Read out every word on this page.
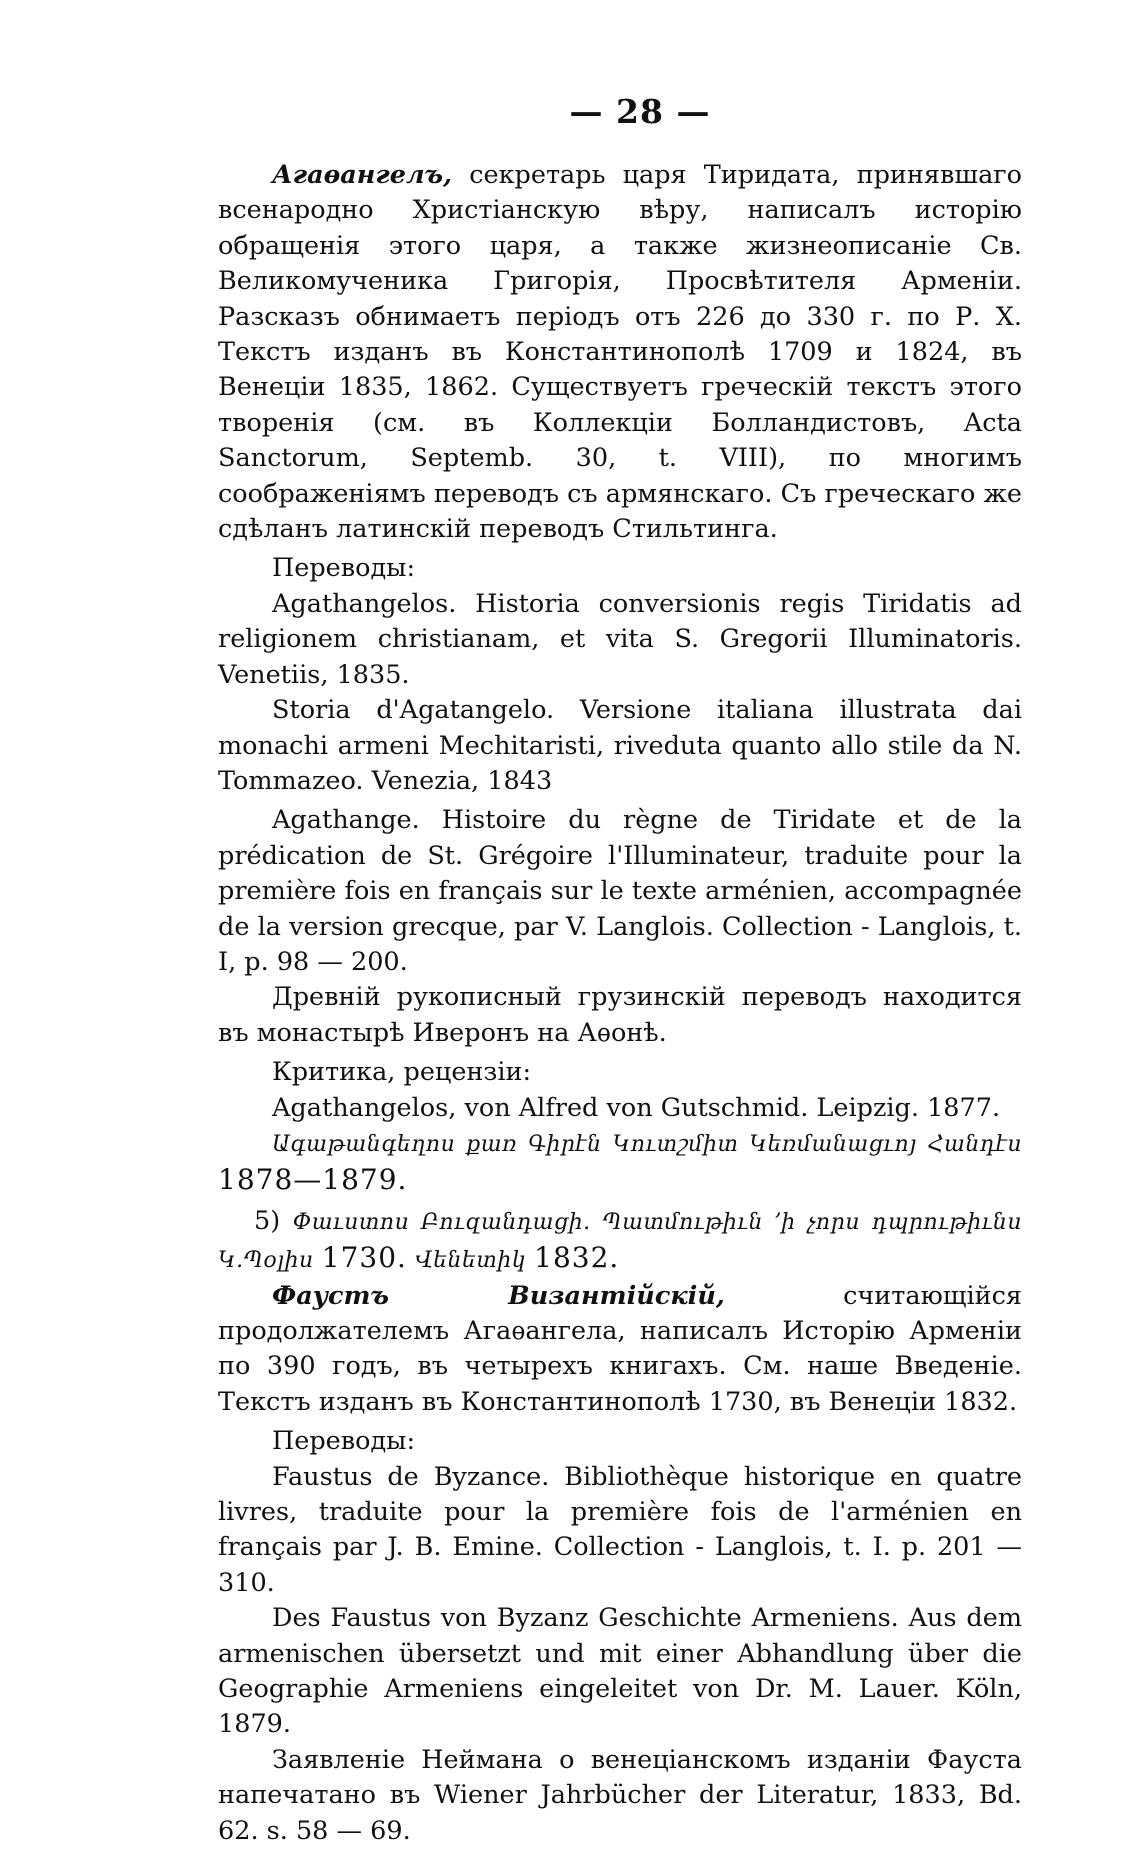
— 28 —

Агаѳангелъ, секретарь царя Тиридата, принявшаго всенародно Христіанскую вѣру, написалъ исторію обращенія этого царя, а также жизнеописаніе Св. Великомученика Григорія, Просвѣтителя Арменіи. Разсказъ обнимаетъ періодъ отъ 226 до 330 г. по Р. Х. Текстъ изданъ въ Константинополѣ 1709 и 1824, въ Венеціи 1835, 1862. Существуетъ греческій текстъ этого творенія (см. въ Коллекціи Болландистовъ, Acta Sanctorum, Septemb. 30, t. VIII), по многимъ соображеніямъ переводъ съ армянскаго. Съ греческаго же сдѣланъ латинскій переводъ Стильтинга.

Переводы:

Agathangelos. Historia conversionis regis Tiridatis ad religionem christianam, et vita S. Gregorii Illuminatoris. Venetiis, 1835.

Storia d'Agatangelo. Versione italiana illustrata dai monachi armeni Mechitaristi, riveduta quanto allo stile da N. Tommazeo. Venezia, 1843

Agathange. Histoire du règne de Tiridate et de la prédication de St. Grégoire l'Illuminateur, traduite pour la première fois en français sur le texte arménien, accompagnée de la version grecque, par V. Langlois. Collection - Langlois, t. I, p. 98 — 200.

Древній рукописный грузинскій переводъ находится въ монастырѣ Иверонъ на Аѳонѣ.

Критика, рецензіи:

Agathangelos, von Alfred von Gutschmid. Leipzig. 1877.

Ագաթանգեղոս քառ Գիրէն Կուտշմիտ Կեռմանացւոյ Հանդէս 1878—1879.

5) Փաւստոս Բուզանդացի. Պատմութիւն ՚ի չորս դպրութիւնս Կ.Պօլիս 1730. Վենետիկ 1832.

Фаустъ Византійскій, считающійся продолжателемъ Агаѳангела, написалъ Исторію Арменіи по 390 годъ, въ четырехъ книгахъ. См. наше Введеніе. Текстъ изданъ въ Константинополѣ 1730, въ Венеціи 1832.

Переводы:

Faustus de Byzance. Bibliothèque historique en quatre livres, traduite pour la première fois de l'arménien en français par J. B. Emine. Collection - Langlois, t. I. p. 201 — 310.

Des Faustus von Byzanz Geschichte Armeniens. Aus dem armenischen übersetzt und mit einer Abhandlung über die Geographie Armeniens eingeleitet von Dr. M. Lauer. Köln, 1879.

Заявленіе Неймана о венеціанскомъ изданіи Фауста напечатано въ Wiener Jahrbücher der Literatur, 1833, Bd. 62. s. 58 — 69.
